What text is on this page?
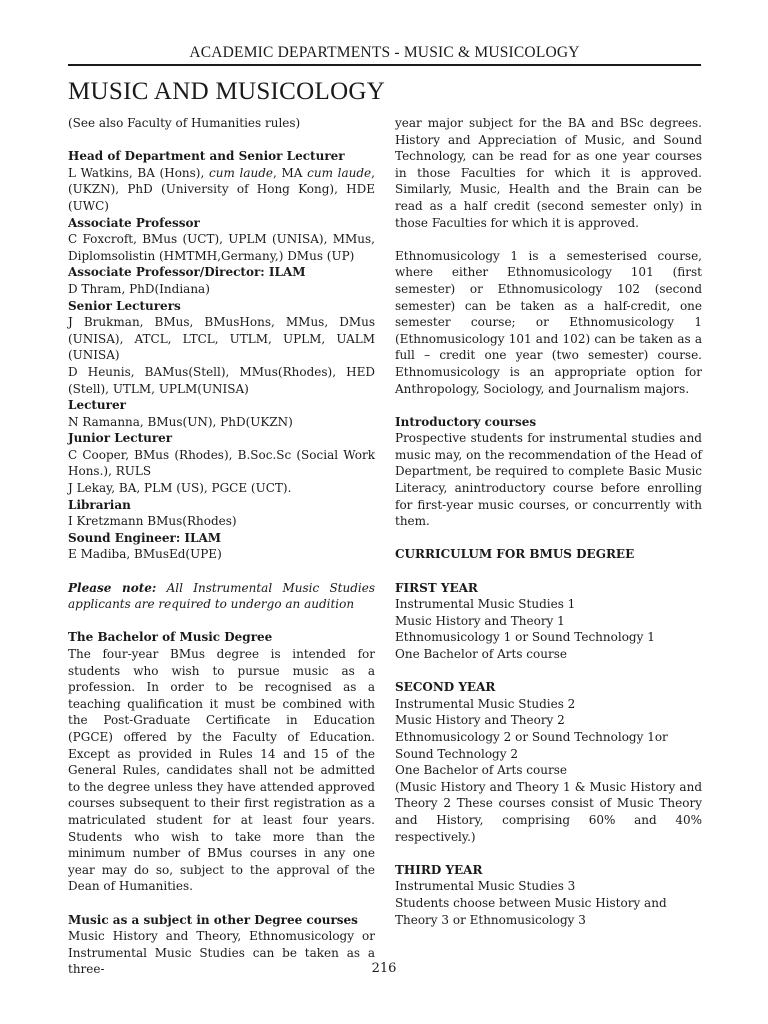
ACADEMIC DEPARTMENTS - MUSIC & MUSICOLOGY
MUSIC AND MUSICOLOGY

(See also Faculty of Humanities rules)

Head of Department and Senior Lecturer

L Watkins, BA (Hons), cum laude, MA cum laude, (UKZN), PhD (University of Hong Kong), HDE (UWC)

Associate Professor

C Foxcroft, BMus (UCT), UPLM (UNISA), MMus, Diplomsolistin (HMTMH,Germany,) DMus (UP)

Associate Professor/Director: ILAM

D Thram, PhD(Indiana)

Senior Lecturers

J Brukman, BMus, BMusHons, MMus, DMus (UNISA), ATCL, LTCL, UTLM, UPLM, UALM (UNISA)

D Heunis, BAMus(Stell), MMus(Rhodes), HED (Stell), UTLM, UPLM(UNISA)

Lecturer

N Ramanna, BMus(UN), PhD(UKZN)

Junior Lecturer

C Cooper, BMus (Rhodes), B.Soc.Sc (Social Work Hons.), RULS

J Lekay, BA, PLM (US), PGCE (UCT).

Librarian

I Kretzmann BMus(Rhodes)

Sound Engineer: ILAM

E Madiba, BMusEd(UPE)

Please note: All Instrumental Music Studies applicants are required to undergo an audition

The Bachelor of Music Degree

The four-year BMus degree is intended for students who wish to pursue music as a profession. In order to be recognised as a teaching qualification it must be combined with the Post-Graduate Certificate in Education (PGCE) offered by the Faculty of Education. Except as provided in Rules 14 and 15 of the General Rules, candidates shall not be admitted to the degree unless they have attended approved courses subsequent to their first registration as a matriculated student for at least four years. Students who wish to take more than the minimum number of BMus courses in any one year may do so, subject to the approval of the Dean of Humanities.

Music as a subject in other Degree courses

Music History and Theory, Ethnomusicology or Instrumental Music Studies can be taken as a three-

year major subject for the BA and BSc degrees. History and Appreciation of Music, and Sound Technology, can be read for as one year courses in those Faculties for which it is approved. Similarly, Music, Health and the Brain can be read as a half credit (second semester only) in those Faculties for which it is approved.

Ethnomusicology 1 is a semesterised course, where either Ethnomusicology 101 (first semester) or Ethnomusicology 102 (second semester) can be taken as a half-credit, one semester course; or Ethnomusicology 1 (Ethnomusicology 101 and 102) can be taken as a full – credit one year (two semester) course. Ethnomusicology is an appropriate option for Anthropology, Sociology, and Journalism majors.

Introductory courses

Prospective students for instrumental studies and music may, on the recommendation of the Head of Department, be required to complete Basic Music Literacy, anintroductory course before enrolling for first-year music courses, or concurrently with them.

CURRICULUM FOR BMUS DEGREE

FIRST YEAR

Instrumental Music Studies 1

Music History and Theory 1

Ethnomusicology 1 or Sound Technology 1

One Bachelor of Arts course

SECOND YEAR

Instrumental Music Studies 2

Music History and Theory 2

Ethnomusicology 2 or Sound Technology 1or Sound Technology 2

One Bachelor of Arts course

(Music History and Theory 1 & Music History and Theory 2 These courses consist of Music Theory and History, comprising 60% and 40% respectively.)

THIRD YEAR

Instrumental Music Studies 3

Students choose between Music History and Theory 3 or Ethnomusicology 3

216
